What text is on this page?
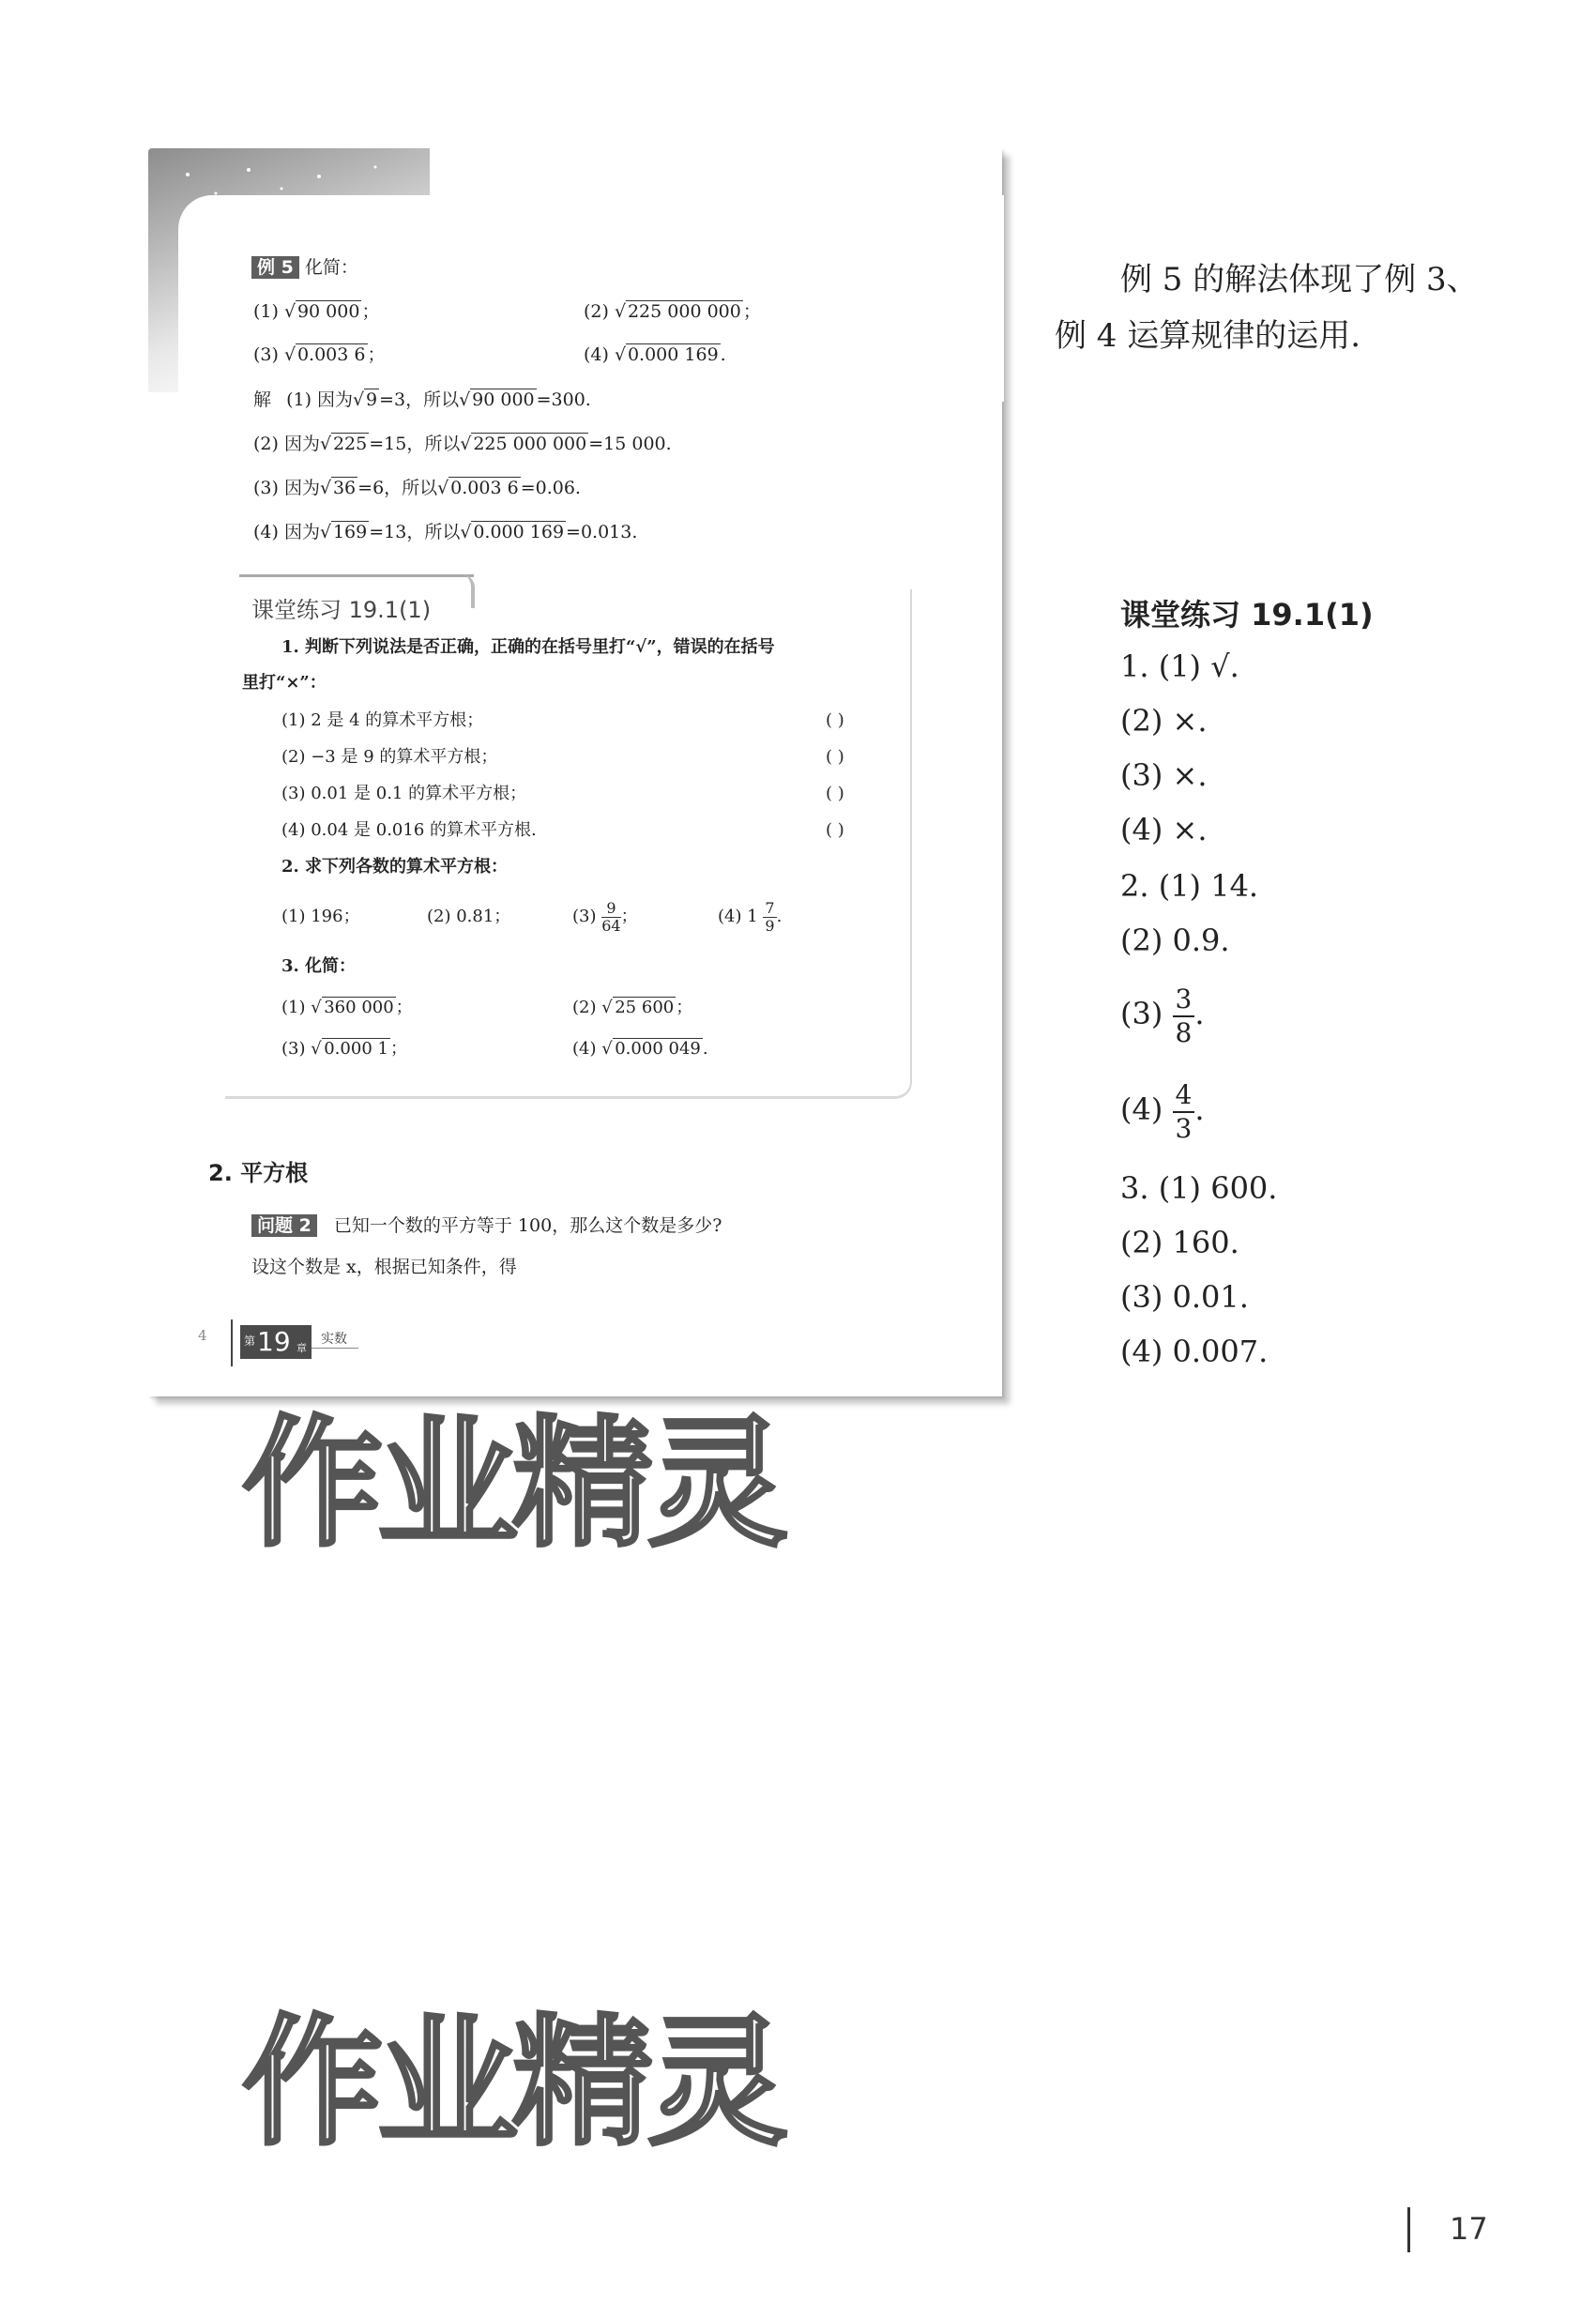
例 5 化简：
(1) √ 90 000 ；	(2) √ 225 000 000 ；
(3) √ 0.003 6 ；	(4) √ 0.000 169 .
解 (1) 因为 √ 9 =3，所以 √ 90 000 =300.
(2) 因为 √ 225 =15，所以 √ 225 000 000 =15 000.
(3) 因为 √ 36 =6，所以 √ 0.003 6 =0.06.
(4) 因为 √ 169 =13，所以 √ 0.000 169 =0.013.
课堂练习 19.1(1)
1. 判断下列说法是否正确，正确的在括号里打“√”，错误的在括号
里打“×”：
(1) 2 是 4 的算术平方根；	( )
(2) −3 是 9 的算术平方根；	( )
(3) 0.01 是 0.1 的算术平方根；	( )
(4) 0.04 是 0.016 的算术平方根.	( )
2. 求下列各数的算术平方根：
(1) 196；	(2) 0.81；	$(3) \frac{9}{64}$ ；	(4) $1 \frac{7}{9}$ .
3. 化简：
(1) √ 360 000 ；	(2) √ 25 600 ；
(3) √ 0.000 1 ；	(4) √ 0.000 049 .
2. 平方根
问题 2 已知一个数的平方等于 100，那么这个数是多少?
设这个数是 x，根据已知条件，得
4	第 19 章
实数
作业精灵
作业精灵
例 5 的解法体现了例 3、
例 4 运算规律的运用.
课堂练习 19.1(1)
1. (1) √.
(2) ×.
(3) ×.
(4) ×.
2. (1) 14.
(2) 0.9.
$(3) \frac{3}{8}$ .
$(4) \frac{4}{3}$ .
3. (1) 600.
(2) 160.
(3) 0.01.
(4) 0.007.
17
